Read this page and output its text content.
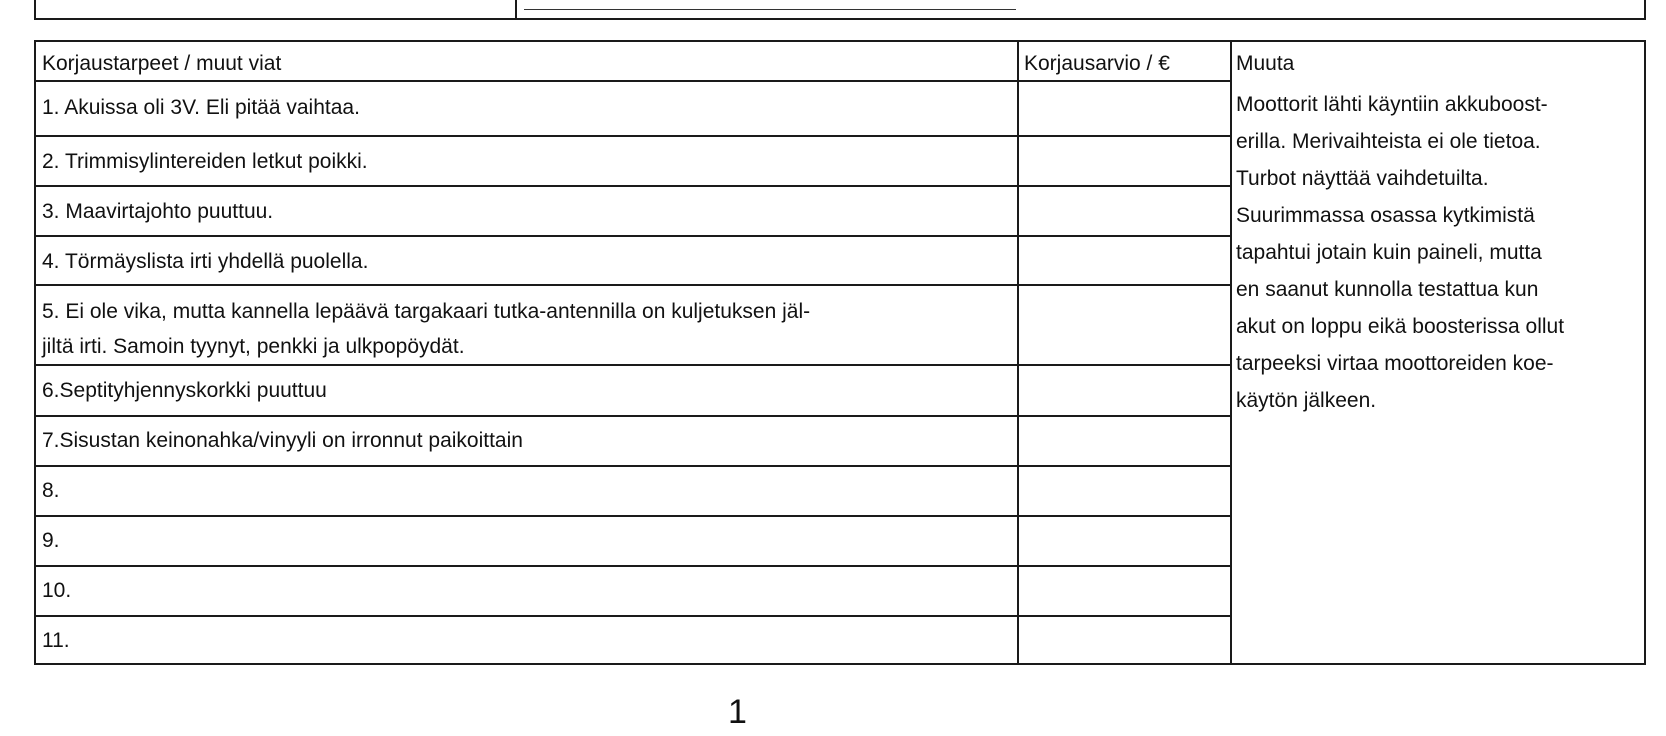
Korjaustarpeet / muut viat	Korjausarvio / €	Muuta
1. Akuissa oli 3V. Eli pitää vaihtaa.
2. Trimmisylintereiden letkut poikki.
3. Maavirtajohto puuttuu.
4. Törmäyslista irti yhdellä puolella.
5. Ei ole vika, mutta kannella lepäävä targakaari tutka-antennilla on kuljetuksen jäl-
jiltä irti. Samoin tyynyt, penkki ja ulkpopöydät.
6.Septityhjennyskorkki puuttuu
7.Sisustan keinonahka/vinyyli on irronnut paikoittain
8.
9.
10.
11.
Moottorit lähti käyntiin akkuboost-
erilla. Merivaihteista ei ole tietoa.
Turbot näyttää vaihdetuilta.
Suurimmassa osassa kytkimistä
tapahtui jotain kuin paineli, mutta
en saanut kunnolla testattua kun
akut on loppu eikä boosterissa ollut
tarpeeksi virtaa moottoreiden koe-
käytön jälkeen.
1
